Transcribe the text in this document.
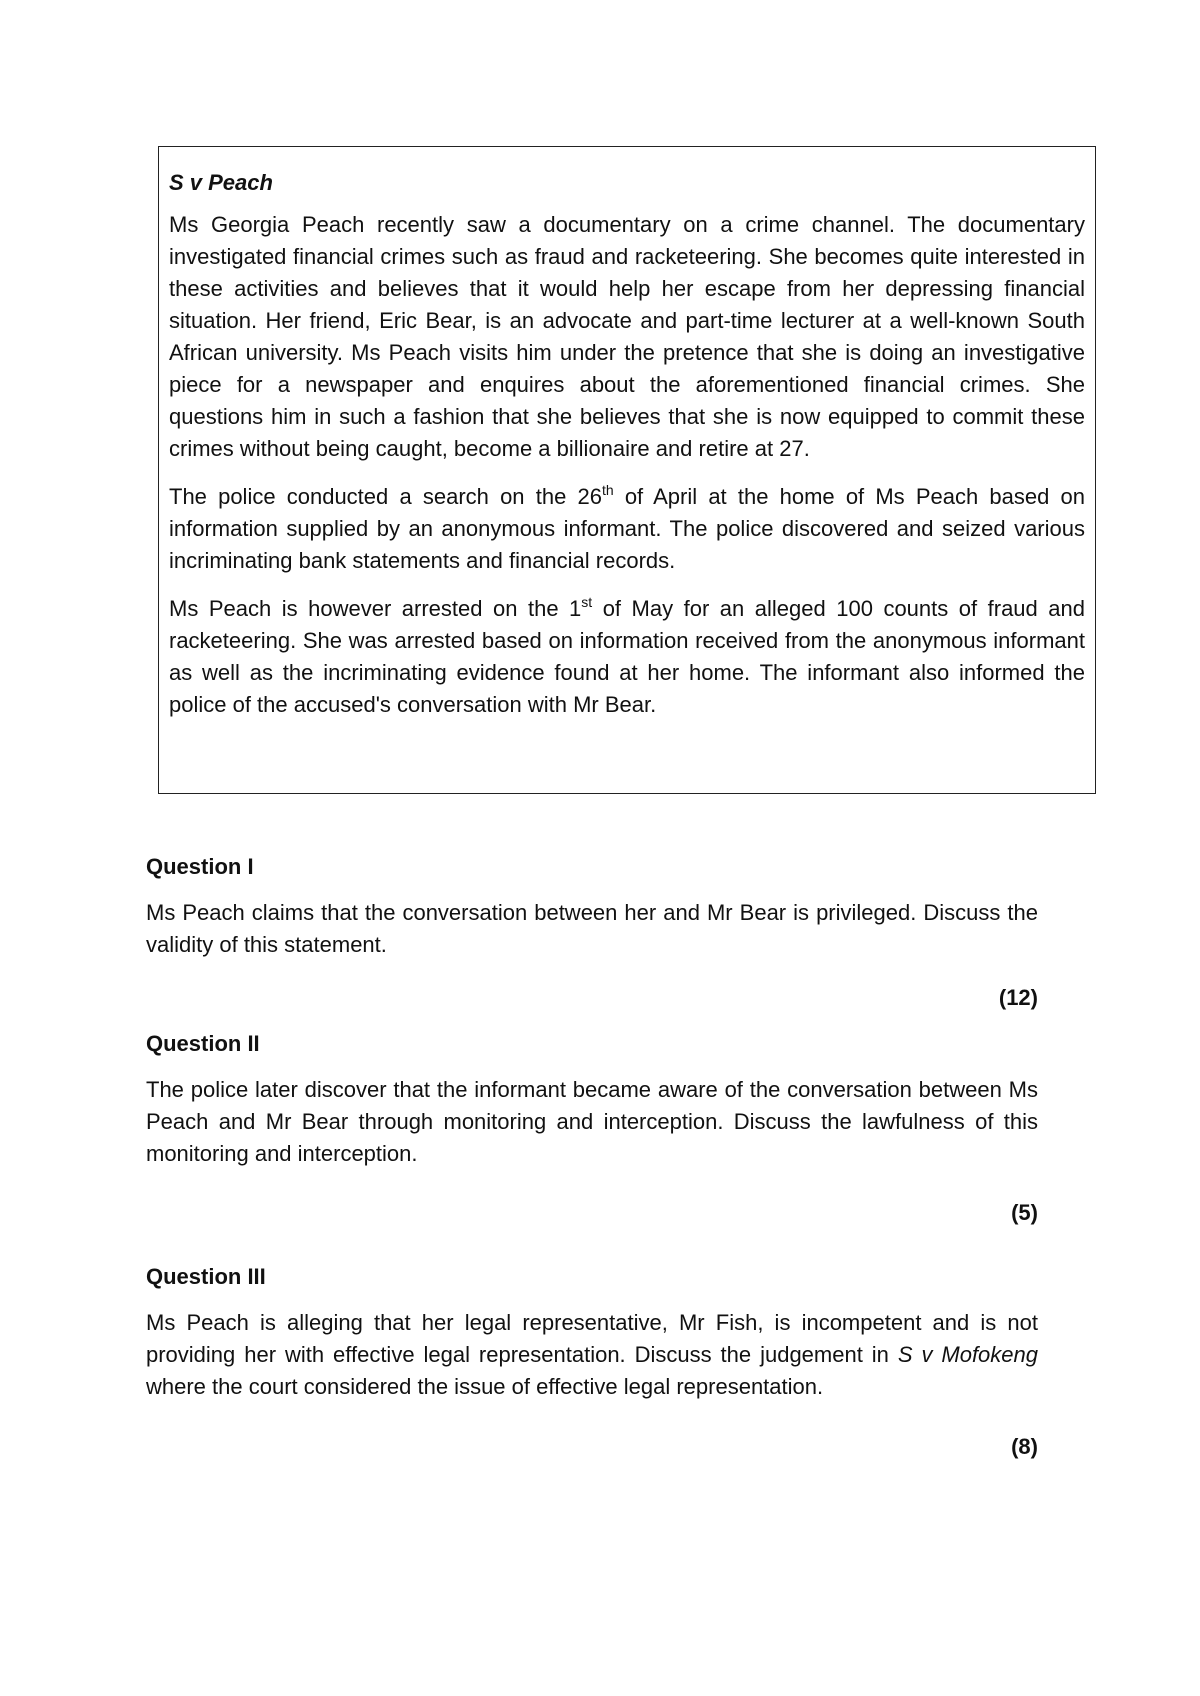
S v Peach

Ms Georgia Peach recently saw a documentary on a crime channel. The documentary investigated financial crimes such as fraud and racketeering. She becomes quite interested in these activities and believes that it would help her escape from her depressing financial situation. Her friend, Eric Bear, is an advocate and part-time lecturer at a well-known South African university. Ms Peach visits him under the pretence that she is doing an investigative piece for a newspaper and enquires about the aforementioned financial crimes. She questions him in such a fashion that she believes that she is now equipped to commit these crimes without being caught, become a billionaire and retire at 27.

The police conducted a search on the 26th of April at the home of Ms Peach based on information supplied by an anonymous informant. The police discovered and seized various incriminating bank statements and financial records.

Ms Peach is however arrested on the 1st of May for an alleged 100 counts of fraud and racketeering. She was arrested based on information received from the anonymous informant as well as the incriminating evidence found at her home. The informant also informed the police of the accused's conversation with Mr Bear.

Question I

Ms Peach claims that the conversation between her and Mr Bear is privileged. Discuss the validity of this statement.

(12)

Question II

The police later discover that the informant became aware of the conversation between Ms Peach and Mr Bear through monitoring and interception. Discuss the lawfulness of this monitoring and interception.

(5)

Question III

Ms Peach is alleging that her legal representative, Mr Fish, is incompetent and is not providing her with effective legal representation. Discuss the judgement in S v Mofokeng where the court considered the issue of effective legal representation.

(8)
